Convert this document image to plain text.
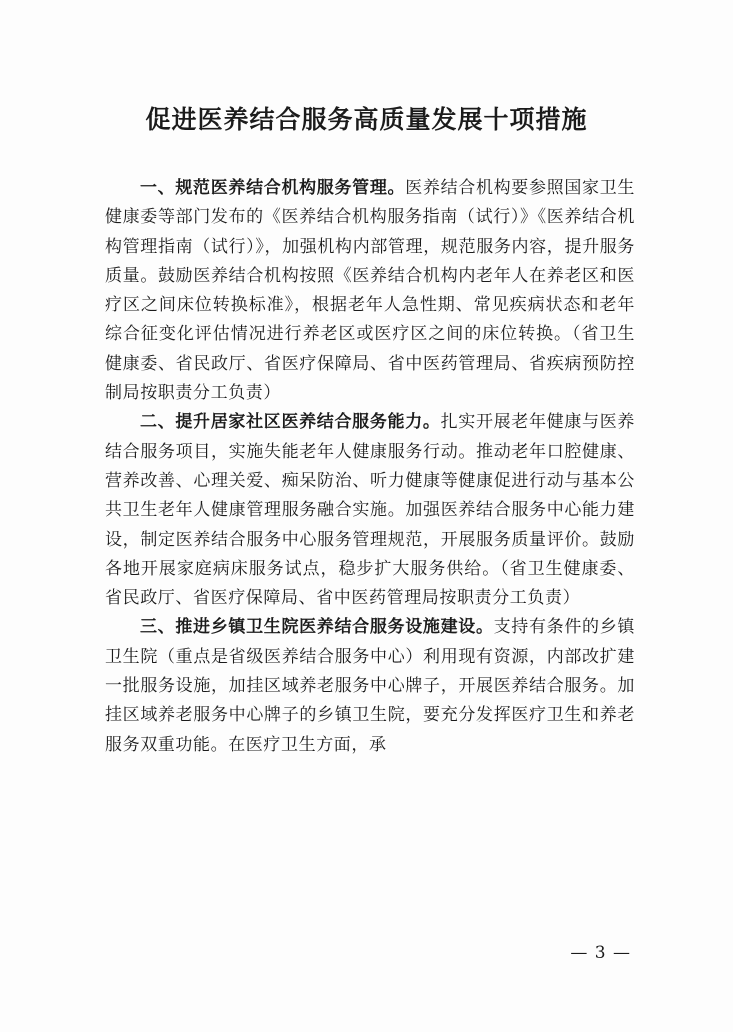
促进医养结合服务高质量发展十项措施

一、规范医养结合机构服务管理。医养结合机构要参照国家卫生健康委等部门发布的《医养结合机构服务指南（试行）》《医养结合机构管理指南（试行）》，加强机构内部管理，规范服务内容，提升服务质量。鼓励医养结合机构按照《医养结合机构内老年人在养老区和医疗区之间床位转换标准》，根据老年人急性期、常见疾病状态和老年综合征变化评估情况进行养老区或医疗区之间的床位转换。（省卫生健康委、省民政厅、省医疗保障局、省中医药管理局、省疾病预防控制局按职责分工负责）

二、提升居家社区医养结合服务能力。扎实开展老年健康与医养结合服务项目，实施失能老年人健康服务行动。推动老年口腔健康、营养改善、心理关爱、痴呆防治、听力健康等健康促进行动与基本公共卫生老年人健康管理服务融合实施。加强医养结合服务中心能力建设，制定医养结合服务中心服务管理规范，开展服务质量评价。鼓励各地开展家庭病床服务试点，稳步扩大服务供给。（省卫生健康委、省民政厅、省医疗保障局、省中医药管理局按职责分工负责）

三、推进乡镇卫生院医养结合服务设施建设。支持有条件的乡镇卫生院（重点是省级医养结合服务中心）利用现有资源，内部改扩建一批服务设施，加挂区域养老服务中心牌子，开展医养结合服务。加挂区域养老服务中心牌子的乡镇卫生院，要充分发挥医疗卫生和养老服务双重功能。在医疗卫生方面，承

— 3 —
